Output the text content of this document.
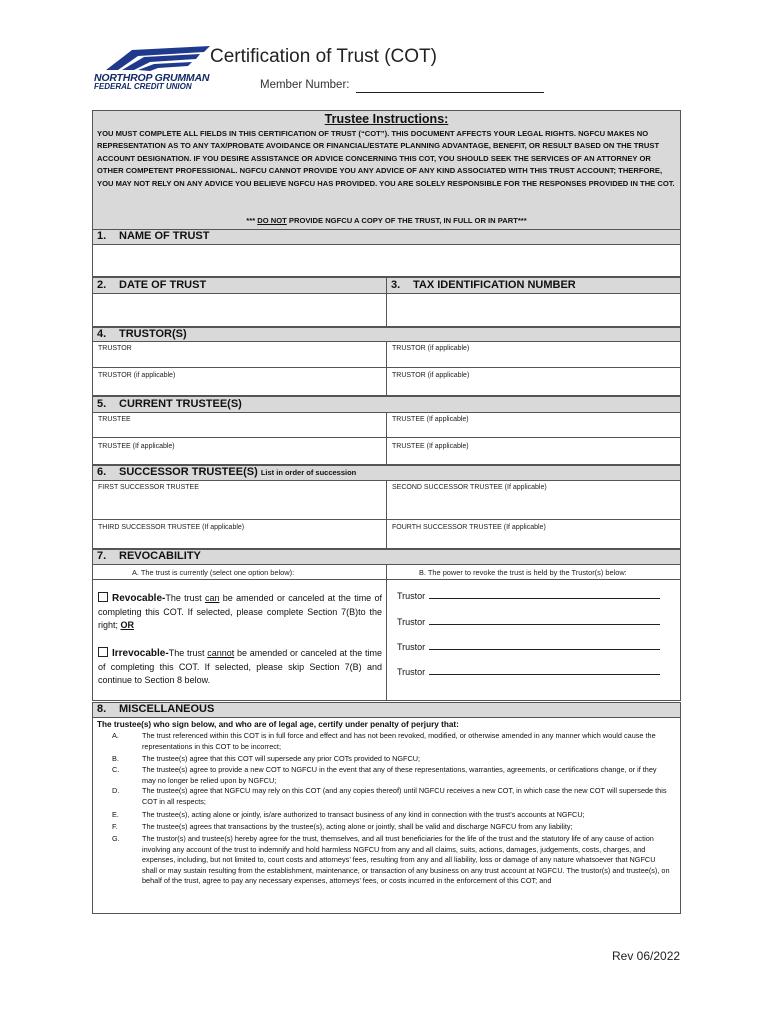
NORTHROP GRUMMAN
FEDERAL CREDIT UNION
Certification of Trust (COT)
Member Number:
Trustee Instructions:
YOU MUST COMPLETE ALL FIELDS IN THIS CERTIFICATION OF TRUST (“COT”). THIS DOCUMENT AFFECTS YOUR LEGAL RIGHTS. NGFCU MAKES NO REPRESENTATION AS TO ANY TAX/PROBATE AVOIDANCE OR FINANCIAL/ESTATE PLANNING ADVANTAGE, BENEFIT, OR RESULT BASED ON THE TRUST ACCOUNT DESIGNATION. IF YOU DESIRE ASSISTANCE OR ADVICE CONCERNING THIS COT, YOU SHOULD SEEK THE SERVICES OF AN ATTORNEY OR OTHER COMPETENT PROFESSIONAL. NGFCU CANNOT PROVIDE YOU ANY ADVICE OF ANY KIND ASSOCIATED WITH THIS TRUST ACCOUNT; THERFORE, YOU MAY NOT RELY ON ANY ADVICE YOU BELIEVE NGFCU HAS PROVIDED. YOU ARE SOLELY RESPONSIBLE FOR THE RESPONSES PROVIDED IN THE COT.
*** DO NOT PROVIDE NGFCU A COPY OF THE TRUST, IN FULL OR IN PART***
1. NAME OF TRUST
2. DATE OF TRUST	3. TAX IDENTIFICATION NUMBER
4. TRUSTOR(S)
TRUSTOR	TRUSTOR (if applicable)
TRUSTOR (if applicable)	TRUSTOR (if applicable)
5. CURRENT TRUSTEE(S)
TRUSTEE	TRUSTEE (If applicable)
TRUSTEE (If applicable)	TRUSTEE (If applicable)
6. SUCCESSOR TRUSTEE(S) List in order of succession
FIRST SUCCESSOR TRUSTEE	SECOND SUCCESSOR TRUSTEE (If applicable)
THIRD SUCCESSOR TRUSTEE (If applicable)	FOURTH SUCCESSOR TRUSTEE (If applicable)
7. REVOCABILITY
A. The trust is currently (select one option below):	B. The power to revoke the trust is held by the Trustor(s) below:
Revocable-The trust can be amended or canceled at the time of completing this COT. If selected, please complete Section 7(B)to the right; OR
Irrevocable-The trust cannot be amended or canceled at the time of completing this COT. If selected, please skip Section 7(B) and continue to Section 8 below.
Trustor
Trustor
Trustor
Trustor
8. MISCELLANEOUS
The trustee(s) who sign below, and who are of legal age, certify under penalty of perjury that:
A.	The trust referenced within this COT is in full force and effect and has not been revoked, modified, or otherwise amended in any manner which would cause the representations in this COT to be incorrect;
B.	The trustee(s) agree that this COT will supersede any prior COTs provided to NGFCU;
C.	The trustee(s) agree to provide a new COT to NGFCU in the event that any of these representations, warranties, agreements, or certifications change, or if they may no longer be relied upon by NGFCU;
D.	The trustee(s) agree that NGFCU may rely on this COT (and any copies thereof) until NGFCU receives a new COT, in which case the new COT will supersede this COT in all respects;
E.	The trustee(s), acting alone or jointly, is/are authorized to transact business of any kind in connection with the trust’s accounts at NGFCU;
F.	The trustee(s) agrees that transactions by the trustee(s), acting alone or jointly, shall be valid and discharge NGFCU from any liability;
G.	The trustor(s) and trustee(s) hereby agree for the trust, themselves, and all trust beneficiaries for the life of the trust and the statutory life of any cause of action involving any account of the trust to indemnify and hold harmless NGFCU from any and all claims, suits, actions, damages, judgements, costs, charges, and expenses, including, but not limited to, court costs and attorneys’ fees, resulting from any and all liability, loss or damage of any nature whatsoever that NGFCU shall or may sustain resulting from the establishment, maintenance, or transaction of any business on any trust account at NGFCU. The trustor(s) and trustee(s), on behalf of the trust, agree to pay any necessary expenses, attorneys’ fees, or costs incurred in the enforcement of this COT; and
Rev 06/2022
